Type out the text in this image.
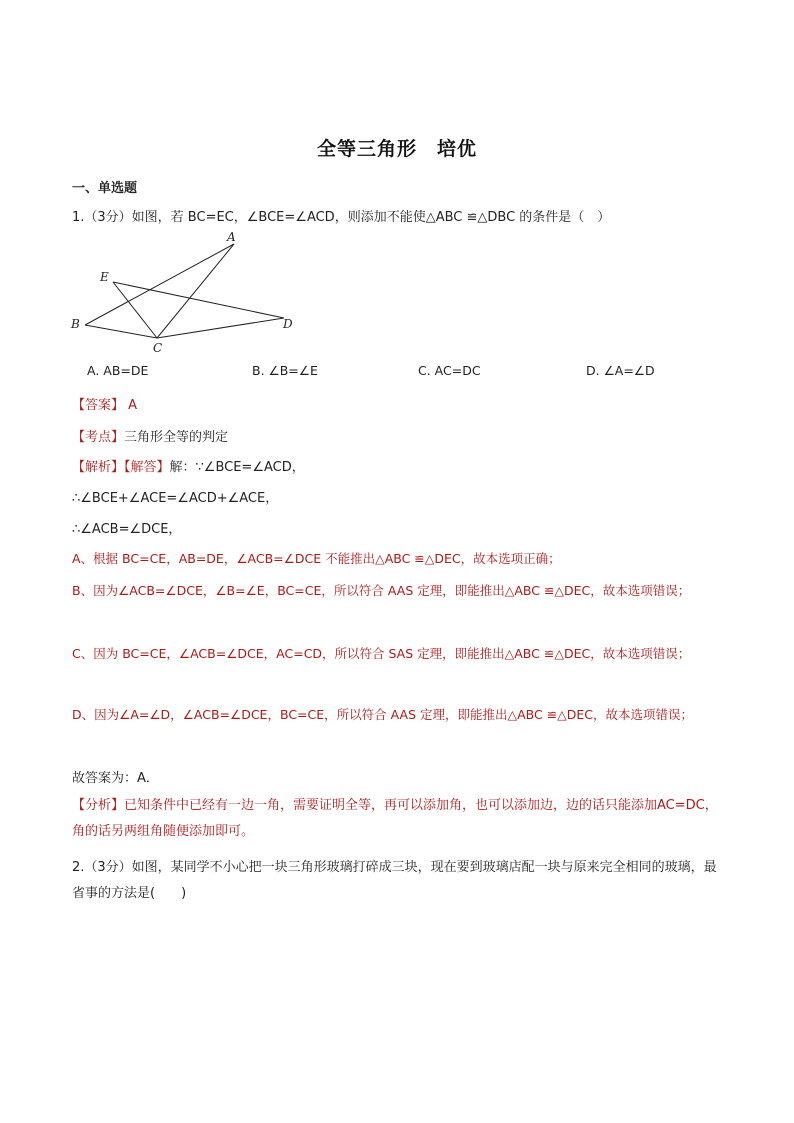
全等三角形　培优
一、单选题
1.（3分）如图，若 BC=EC，∠BCE=∠ACD，则添加不能使△ABC ≌△DBC 的条件是（　）
A
E
B
C
D
A. AB=DE	B. ∠B=∠E	C. AC=DC	D. ∠A=∠D
【答案】 A
【考点】三角形全等的判定
【解析】【解答】解：∵∠BCE=∠ACD，
∴∠BCE+∠ACE=∠ACD+∠ACE，
∴∠ACB=∠DCE，
A、根据 BC=CE，AB=DE，∠ACB=∠DCE 不能推出△ABC ≌△DEC，故本选项正确；
B、因为∠ACB=∠DCE，∠B=∠E，BC=CE，所以符合 AAS 定理，即能推出△ABC ≌△DEC，故本选项错误；
C、因为 BC=CE，∠ACB=∠DCE，AC=CD，所以符合 SAS 定理，即能推出△ABC ≌△DEC，故本选项错误；
D、因为∠A=∠D，∠ACB=∠DCE，BC=CE，所以符合 AAS 定理，即能推出△ABC ≌△DEC，故本选项错误；
故答案为：A．
【分析】已知条件中已经有一边一角，需要证明全等，再可以添加角，也可以添加边，边的话只能添加AC=DC，角的话另两组角随便添加即可。
2.（3分）如图，某同学不小心把一块三角形玻璃打碎成三块，现在要到玻璃店配一块与原来完全相同的玻璃，最省事的方法是(　　)
